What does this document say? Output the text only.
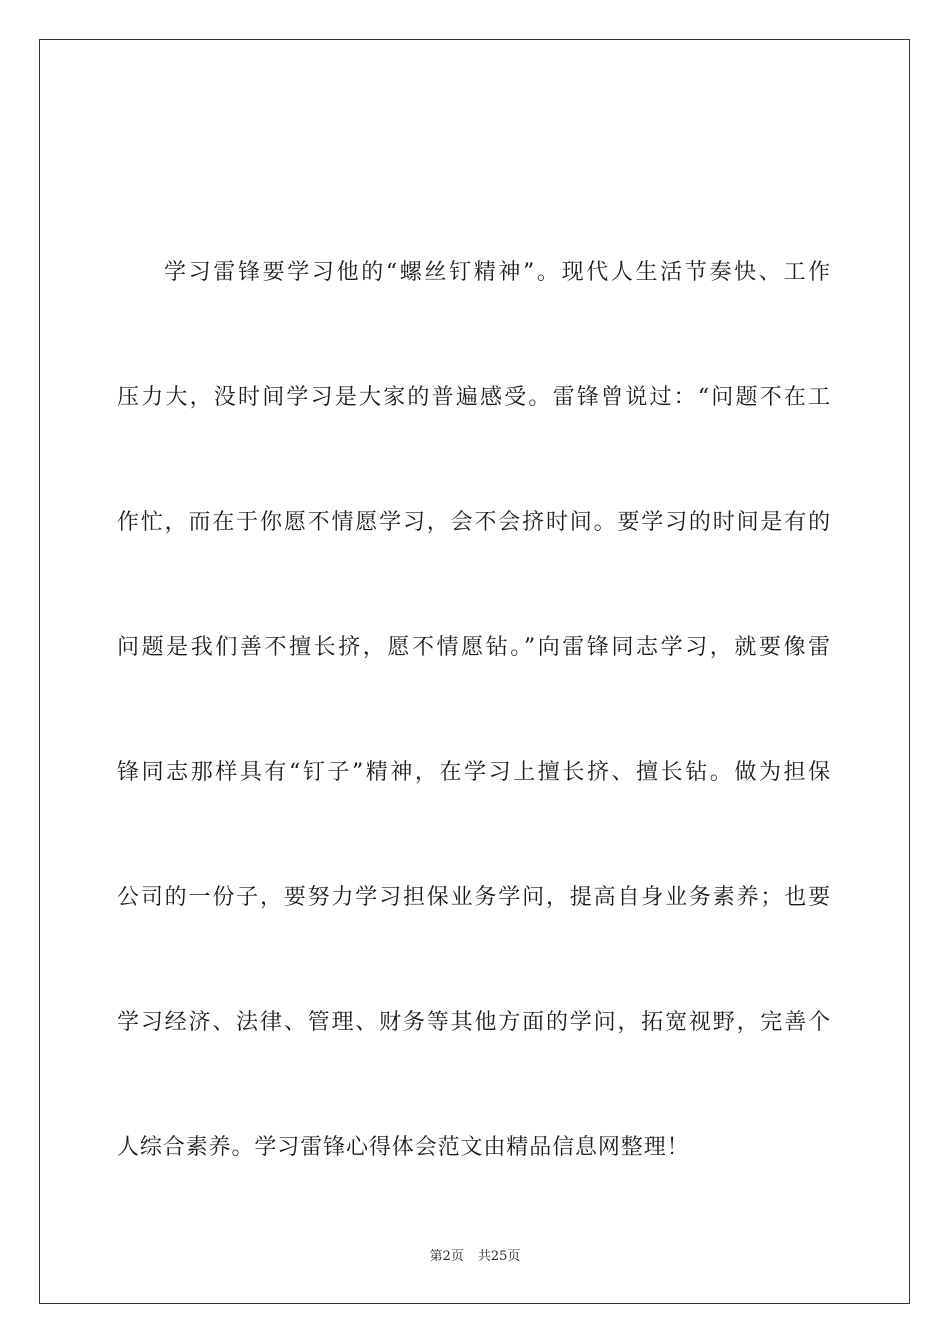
学习雷锋要学习他的“螺丝钉精神”。现代人生活节奏快、工作
压力大，没时间学习是大家的普遍感受。雷锋曾说过：“问题不在工
作忙，而在于你愿不情愿学习，会不会挤时间。要学习的时间是有的
问题是我们善不擅长挤，愿不情愿钻。”向雷锋同志学习，就要像雷
锋同志那样具有“钉子”精神，在学习上擅长挤、擅长钻。做为担保
公司的一份子，要努力学习担保业务学问，提高自身业务素养；也要
学习经济、法律、管理、财务等其他方面的学问，拓宽视野，完善个
人综合素养。学习雷锋心得体会范文由精品信息网整理！
第2页 共25页
